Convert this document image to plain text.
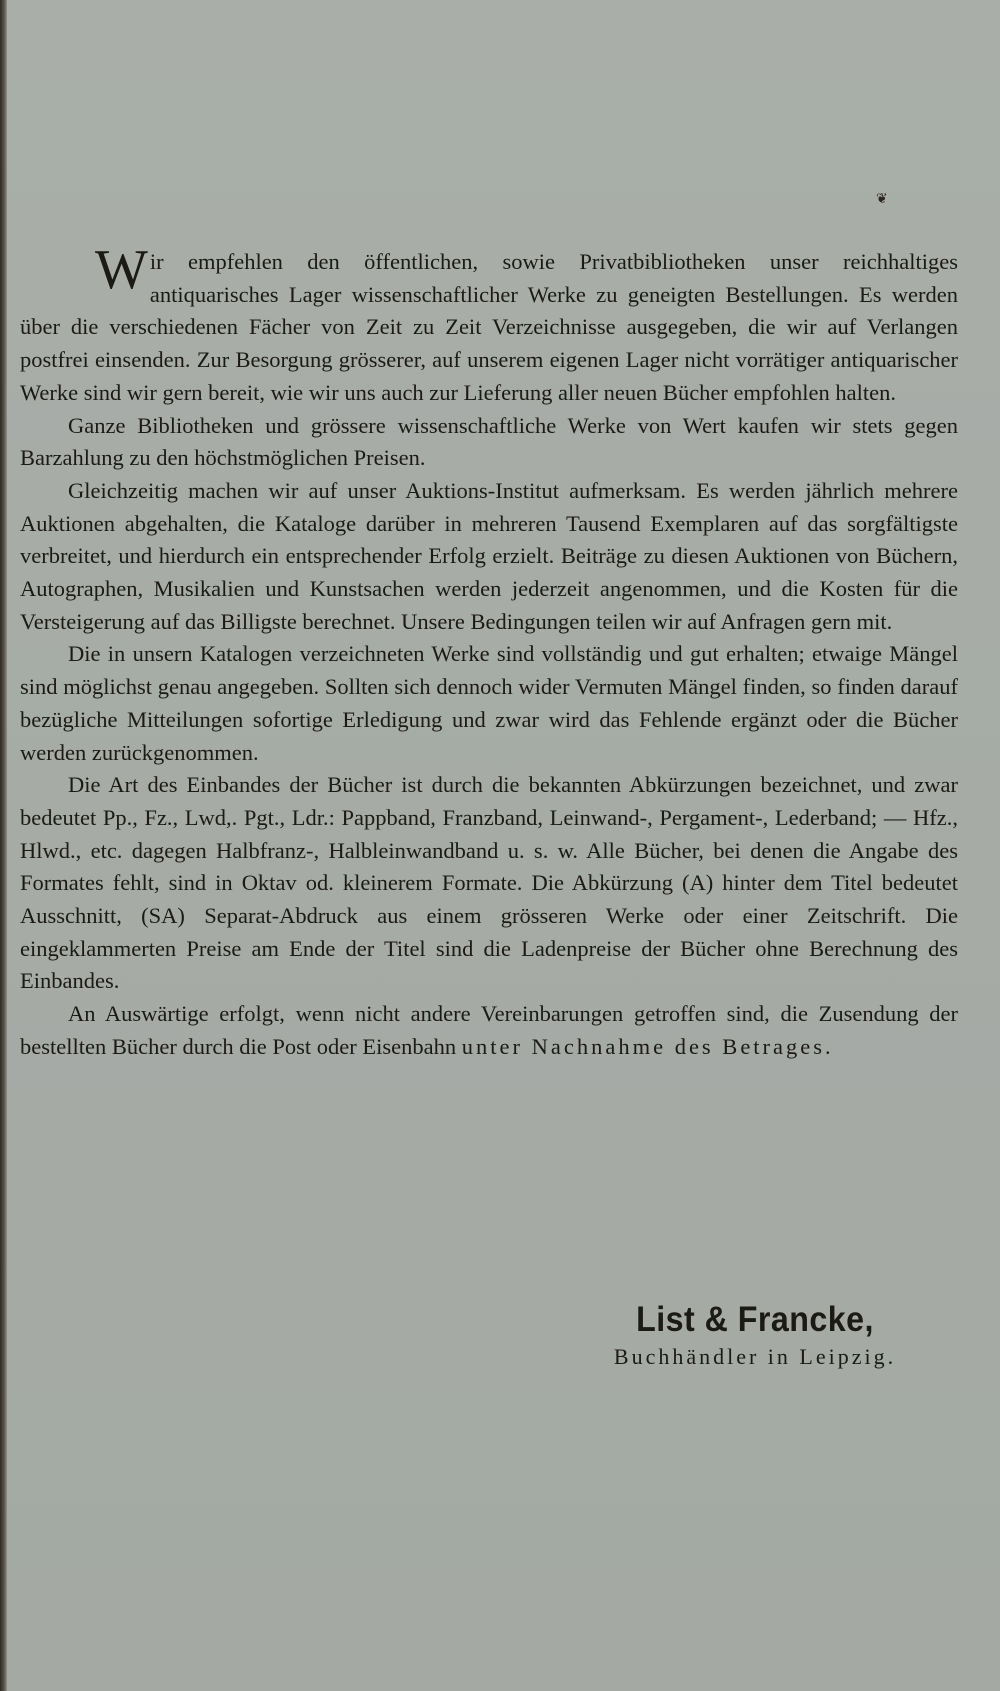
❦

Wir empfehlen den öffentlichen, sowie Privatbibliotheken unser reichhaltiges antiquarisches Lager wissenschaftlicher Werke zu geneigten Bestellungen. Es werden über die verschiedenen Fächer von Zeit zu Zeit Verzeichnisse ausgegeben, die wir auf Verlangen postfrei einsenden. Zur Besorgung grösserer, auf unserem eigenen Lager nicht vorrätiger antiquarischer Werke sind wir gern bereit, wie wir uns auch zur Lieferung aller neuen Bücher empfohlen halten.

Ganze Bibliotheken und grössere wissenschaftliche Werke von Wert kaufen wir stets gegen Barzahlung zu den höchstmöglichen Preisen.

Gleichzeitig machen wir auf unser Auktions-Institut aufmerksam. Es werden jährlich mehrere Auktionen abgehalten, die Kataloge darüber in mehreren Tausend Exemplaren auf das sorgfältigste verbreitet, und hierdurch ein entsprechender Erfolg erzielt. Beiträge zu diesen Auktionen von Büchern, Autographen, Musikalien und Kunstsachen werden jederzeit angenommen, und die Kosten für die Versteigerung auf das Billigste berechnet. Unsere Bedingungen teilen wir auf Anfragen gern mit.

Die in unsern Katalogen verzeichneten Werke sind vollständig und gut erhalten; etwaige Mängel sind möglichst genau angegeben. Sollten sich dennoch wider Vermuten Mängel finden, so finden darauf bezügliche Mitteilungen sofortige Erledigung und zwar wird das Fehlende ergänzt oder die Bücher werden zurückgenommen.

Die Art des Einbandes der Bücher ist durch die bekannten Abkürzungen bezeichnet, und zwar bedeutet Pp., Fz., Lwd,. Pgt., Ldr.: Pappband, Franzband, Leinwand-, Pergament-, Lederband; — Hfz., Hlwd., etc. dagegen Halbfranz-, Halbleinwandband u. s. w. Alle Bücher, bei denen die Angabe des Formates fehlt, sind in Oktav od. kleinerem Formate. Die Abkürzung (A) hinter dem Titel bedeutet Ausschnitt, (SA) Separat-Abdruck aus einem grösseren Werke oder einer Zeitschrift. Die eingeklammerten Preise am Ende der Titel sind die Ladenpreise der Bücher ohne Berechnung des Einbandes.

An Auswärtige erfolgt, wenn nicht andere Vereinbarungen getroffen sind, die Zusendung der bestellten Bücher durch die Post oder Eisenbahn unter Nachnahme des Betrages.

List & Francke,
Buchhändler in Leipzig.
